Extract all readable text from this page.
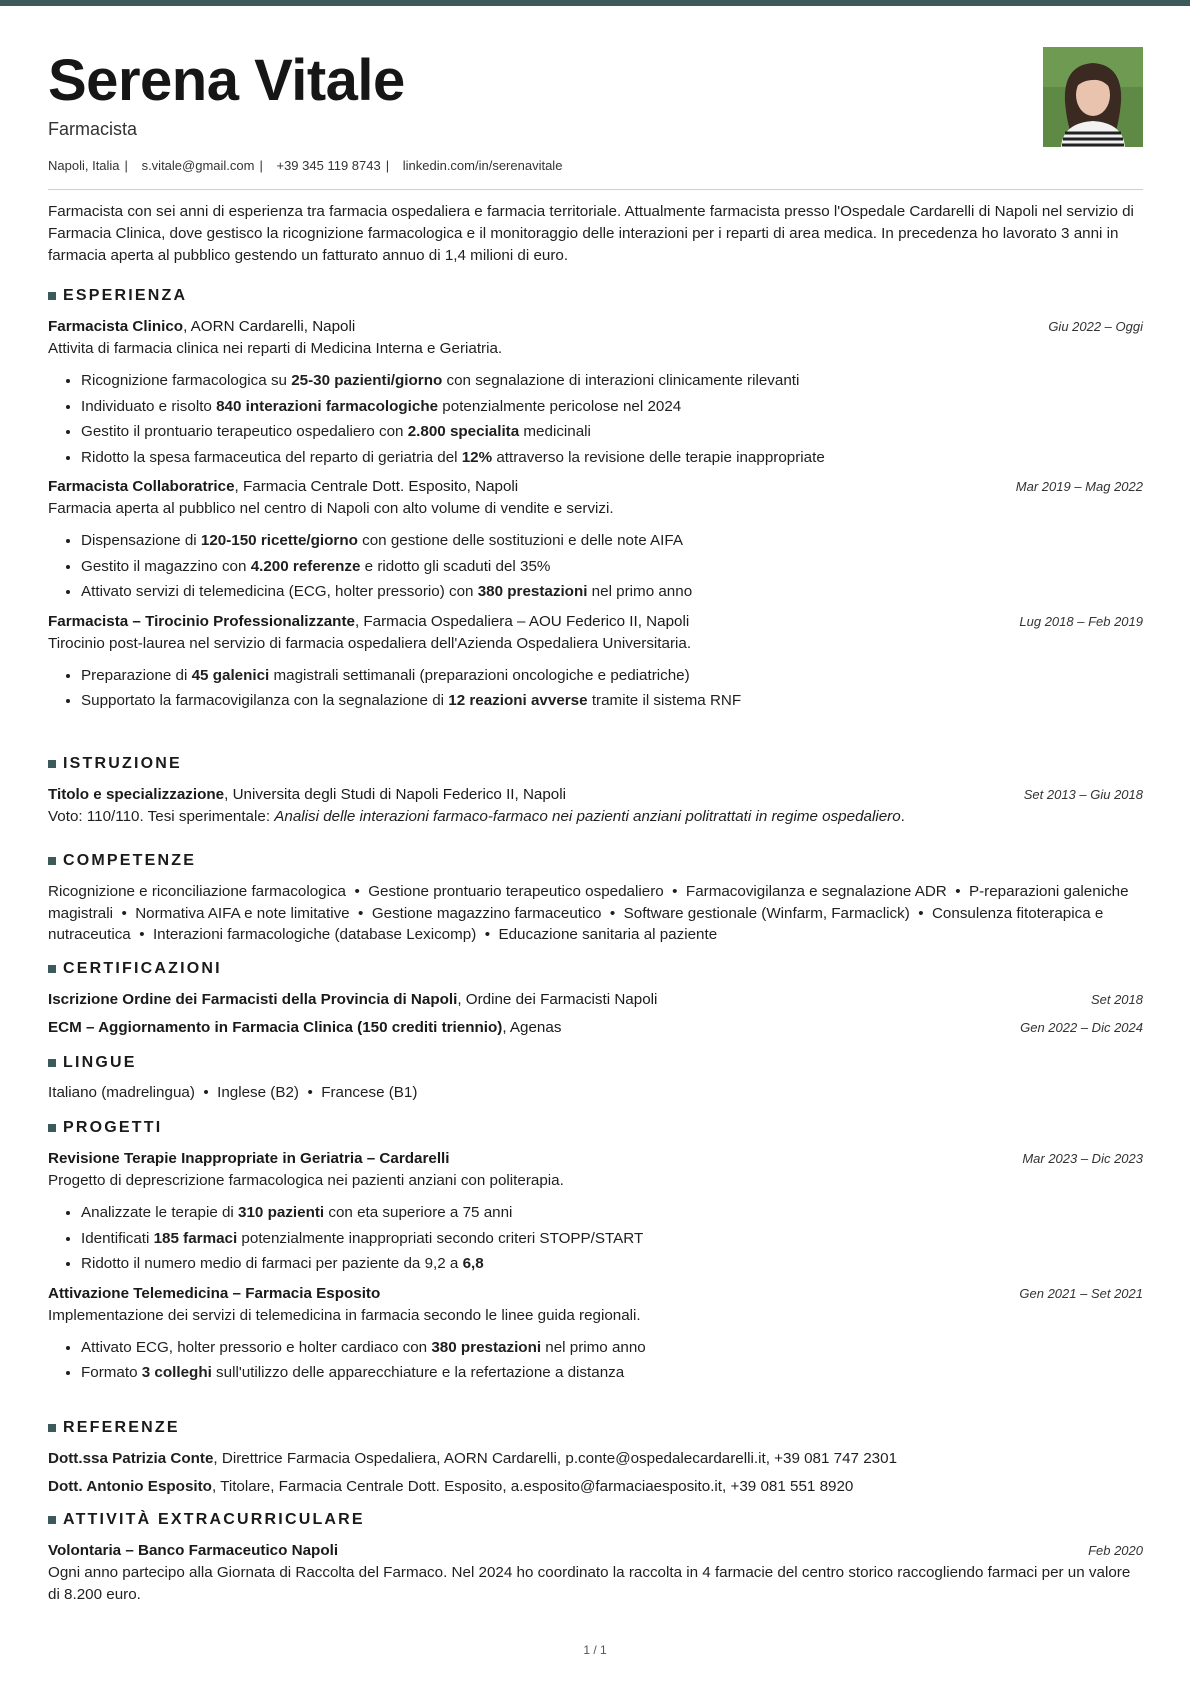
Serena Vitale
Farmacista
Napoli, Italia | s.vitale@gmail.com | +39 345 119 8743 | linkedin.com/in/serenavitale
Farmacista con sei anni di esperienza tra farmacia ospedaliera e farmacia territoriale. Attualmente farmacista presso l'Ospedale Cardarelli di Napoli nel servizio di Farmacia Clinica, dove gestisco la ricognizione farmacologica e il monitoraggio delle interazioni per i reparti di area medica. In precedenza ho lavorato 3 anni in farmacia aperta al pubblico gestendo un fatturato annuo di 1,4 milioni di euro.
ESPERIENZA
Farmacista Clinico, AORN Cardarelli, Napoli	Giu 2022 – Oggi
Attivita di farmacia clinica nei reparti di Medicina Interna e Geriatria.
• Ricognizione farmacologica su 25-30 pazienti/giorno con segnalazione di interazioni clinicamente rilevanti
• Individuato e risolto 840 interazioni farmacologiche potenzialmente pericolose nel 2024
• Gestito il prontuario terapeutico ospedaliero con 2.800 specialita medicinali
• Ridotto la spesa farmaceutica del reparto di geriatria del 12% attraverso la revisione delle terapie inappropriate
Farmacista Collaboratrice, Farmacia Centrale Dott. Esposito, Napoli	Mar 2019 – Mag 2022
Farmacia aperta al pubblico nel centro di Napoli con alto volume di vendite e servizi.
• Dispensazione di 120-150 ricette/giorno con gestione delle sostituzioni e delle note AIFA
• Gestito il magazzino con 4.200 referenze e ridotto gli scaduti del 35%
• Attivato servizi di telemedicina (ECG, holter pressorio) con 380 prestazioni nel primo anno
Farmacista – Tirocinio Professionalizzante, Farmacia Ospedaliera – AOU Federico II, Napoli	Lug 2018 – Feb 2019
Tirocinio post-laurea nel servizio di farmacia ospedaliera dell'Azienda Ospedaliera Universitaria.
• Preparazione di 45 galenici magistrali settimanali (preparazioni oncologiche e pediatriche)
• Supportato la farmacovigilanza con la segnalazione di 12 reazioni avverse tramite il sistema RNF
ISTRUZIONE
Titolo e specializzazione, Universita degli Studi di Napoli Federico II, Napoli	Set 2013 – Giu 2018
Voto: 110/110. Tesi sperimentale: Analisi delle interazioni farmaco-farmaco nei pazienti anziani politrattati in regime ospedaliero.
COMPETENZE
Ricognizione e riconciliazione farmacologica  •  Gestione prontuario terapeutico ospedaliero  •  Farmacovigilanza e segnalazione ADR  •  P-reparazioni galeniche magistrali  •  Normativa AIFA e note limitative  •  Gestione magazzino farmaceutico  •  Software gestionale (Winfarm, Farmaclick)  •  Consulenza fitoterapica e nutraceutica  •  Interazioni farmacologiche (database Lexicomp)  •  Educazione sanitaria al paziente
CERTIFICAZIONI
Iscrizione Ordine dei Farmacisti della Provincia di Napoli, Ordine dei Farmacisti Napoli	Set 2018
ECM – Aggiornamento in Farmacia Clinica (150 crediti triennio), Agenas	Gen 2022 – Dic 2024
LINGUE
Italiano (madrelingua)  •  Inglese (B2)  •  Francese (B1)
PROGETTI
Revisione Terapie Inappropriate in Geriatria – Cardarelli	Mar 2023 – Dic 2023
Progetto di deprescrizione farmacologica nei pazienti anziani con politerapia.
• Analizzate le terapie di 310 pazienti con eta superiore a 75 anni
• Identificati 185 farmaci potenzialmente inappropriati secondo criteri STOPP/START
• Ridotto il numero medio di farmaci per paziente da 9,2 a 6,8
Attivazione Telemedicina – Farmacia Esposito	Gen 2021 – Set 2021
Implementazione dei servizi di telemedicina in farmacia secondo le linee guida regionali.
• Attivato ECG, holter pressorio e holter cardiaco con 380 prestazioni nel primo anno
• Formato 3 colleghi sull'utilizzo delle apparecchiature e la refertazione a distanza
REFERENZE
Dott.ssa Patrizia Conte, Direttrice Farmacia Ospedaliera, AORN Cardarelli, p.conte@ospedalecardarelli.it, +39 081 747 2301
Dott. Antonio Esposito, Titolare, Farmacia Centrale Dott. Esposito, a.esposito@farmaciaesposito.it, +39 081 551 8920
ATTIVITÀ EXTRACURRICULARE
Volontaria – Banco Farmaceutico Napoli	Feb 2020
Ogni anno partecipo alla Giornata di Raccolta del Farmaco. Nel 2024 ho coordinato la raccolta in 4 farmacie del centro storico raccogliendo farmaci per un valore di 8.200 euro.
1 / 1
